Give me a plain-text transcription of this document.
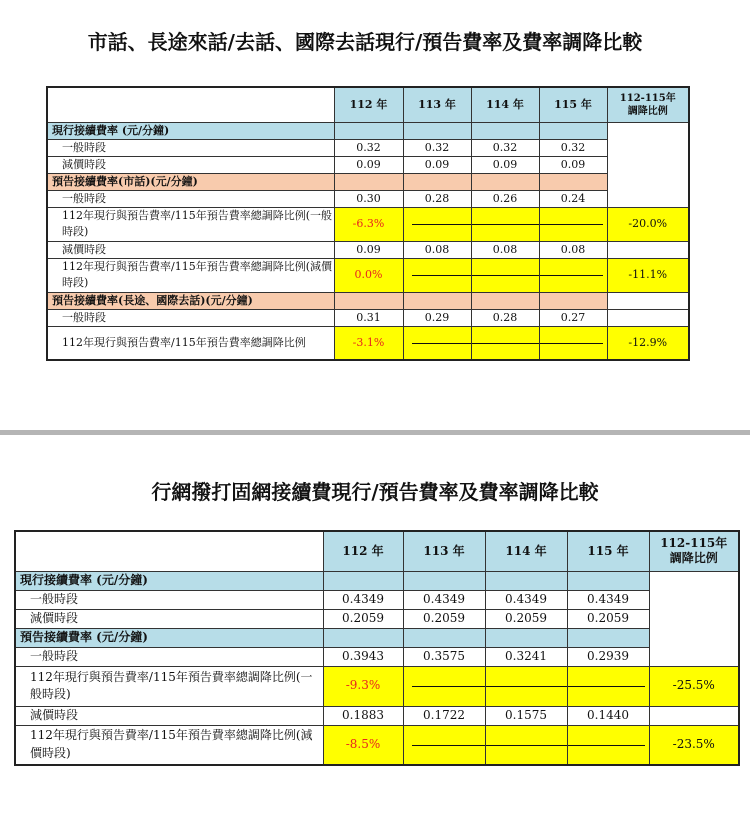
市話、長途來話/去話、國際去話現行/預告費率及費率調降比較
	112 年	113 年	114 年	115 年	112-115年
調降比例
現行接續費率 (元/分鐘)					
一般時段	0.32	0.32	0.32	0.32	
減價時段	0.09	0.09	0.09	0.09	
預告接續費率(市話)(元/分鐘)					
一般時段	0.30	0.28	0.26	0.24	
112年現行與預告費率/115年預告費率總調降比例(一般時段)	-6.3%				-20.0%
減價時段	0.09	0.08	0.08	0.08	
112年現行與預告費率/115年預告費率總調降比例(減價時段)	0.0%				-11.1%
預告接續費率(長途、國際去話)(元/分鐘)					
一般時段	0.31	0.29	0.28	0.27	
112年現行與預告費率/115年預告費率總調降比例	-3.1%				-12.9%
行網撥打固網接續費現行/預告費率及費率調降比較
	112 年	113 年	114 年	115 年	112-115年
調降比例
現行接續費率 (元/分鐘)					
一般時段	0.4349	0.4349	0.4349	0.4349	
減價時段	0.2059	0.2059	0.2059	0.2059	
預告接續費率 (元/分鐘)					
一般時段	0.3943	0.3575	0.3241	0.2939	
112年現行與預告費率/115年預告費率總調降比例(一般時段)	-9.3%				-25.5%
減價時段	0.1883	0.1722	0.1575	0.1440	
112年現行與預告費率/115年預告費率總調降比例(減價時段)	-8.5%				-23.5%
